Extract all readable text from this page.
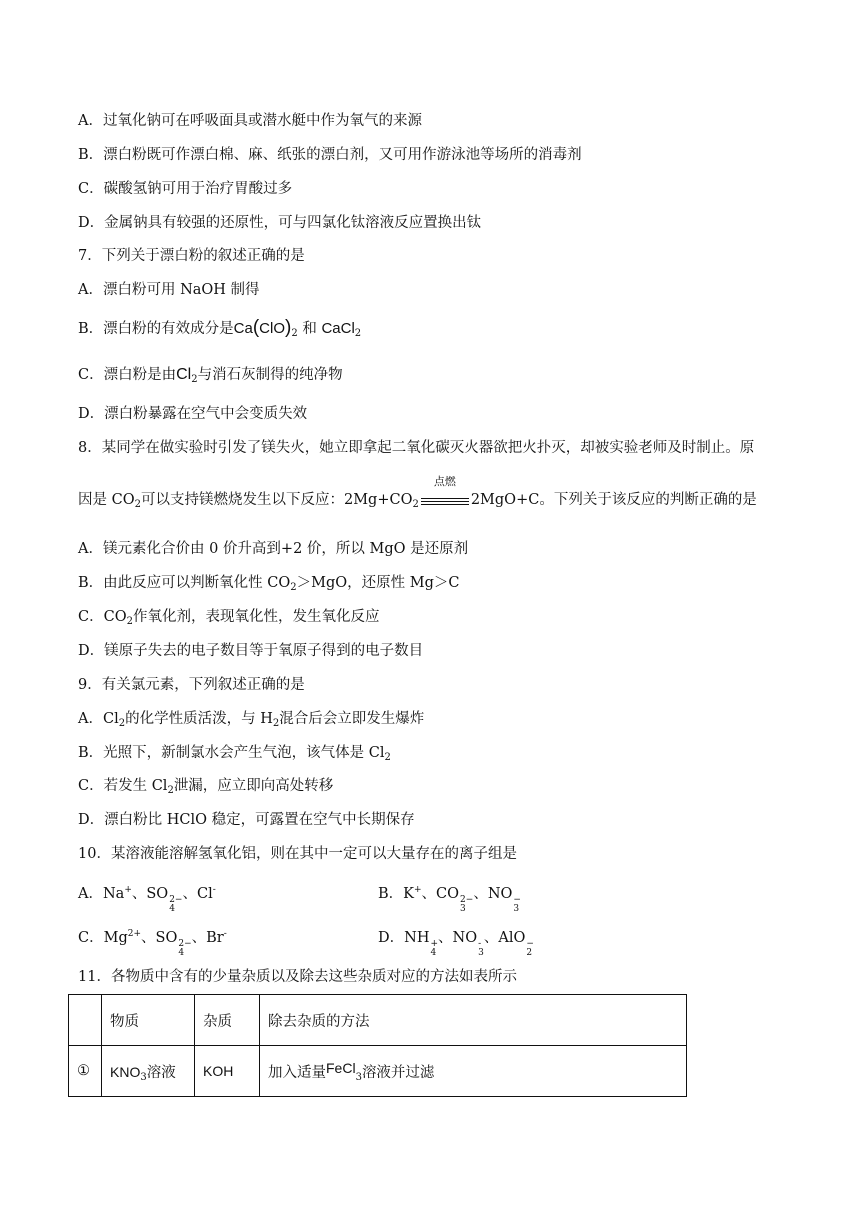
A．过氧化钠可在呼吸面具或潜水艇中作为氧气的来源
B．漂白粉既可作漂白棉、麻、纸张的漂白剂，又可用作游泳池等场所的消毒剂
C．碳酸氢钠可用于治疗胃酸过多
D．金属钠具有较强的还原性，可与四氯化钛溶液反应置换出钛
7．下列关于漂白粉的叙述正确的是
A．漂白粉可用 NaOH 制得
B．漂白粉的有效成分是$Ca(ClO)_2$ 和 CaCl$_2$
C．漂白粉是由$Cl_2$与消石灰制得的纯净物
D．漂白粉暴露在空气中会变质失效
8．某同学在做实验时引发了镁失火，她立即拿起二氧化碳灭火器欲把火扑灭，却被实验老师及时制止。原
因是 $CO_2$可以支持镁燃烧发生以下反应：$2Mg+CO_2$
点燃
2MgO+C。下列关于该反应的判断正确的是
A．镁元素化合价由 0 价升高到+2 价，所以 MgO 是还原剂
B．由此反应可以判断氧化性 $CO_2>MgO$，还原性 Mg＞C
C．$CO_2$作氧化剂，表现氧化性，发生氧化反应
D．镁原子失去的电子数目等于氧原子得到的电子数目
9．有关氯元素，下列叙述正确的是
A．$Cl_2$的化学性质活泼，与 $H_2$混合后会立即发生爆炸
B．光照下，新制氯水会产生气泡，该气体是 $Cl_2$
C．若发生 $Cl_2$泄漏，应立即向高处转移
D．漂白粉比 HClO 稳定，可露置在空气中长期保存
10．某溶液能溶解氢氧化铝，则在其中一定可以大量存在的离子组是
A．Na+、SO 2−
4
、Cl-	B．K+、CO 2−
3
、NO −
3
C．$Mg^{2+}$、SO 2−
4
、Br-	D．NH +
4
、NO -
3
、AlO −
2
11．各物质中含有的少量杂质以及除去这些杂质对应的方法如表所示
	物质	杂质	除去杂质的方法
①	$KNO_3$溶液	KOH	加入适量FeCl$_3$溶液并过滤
